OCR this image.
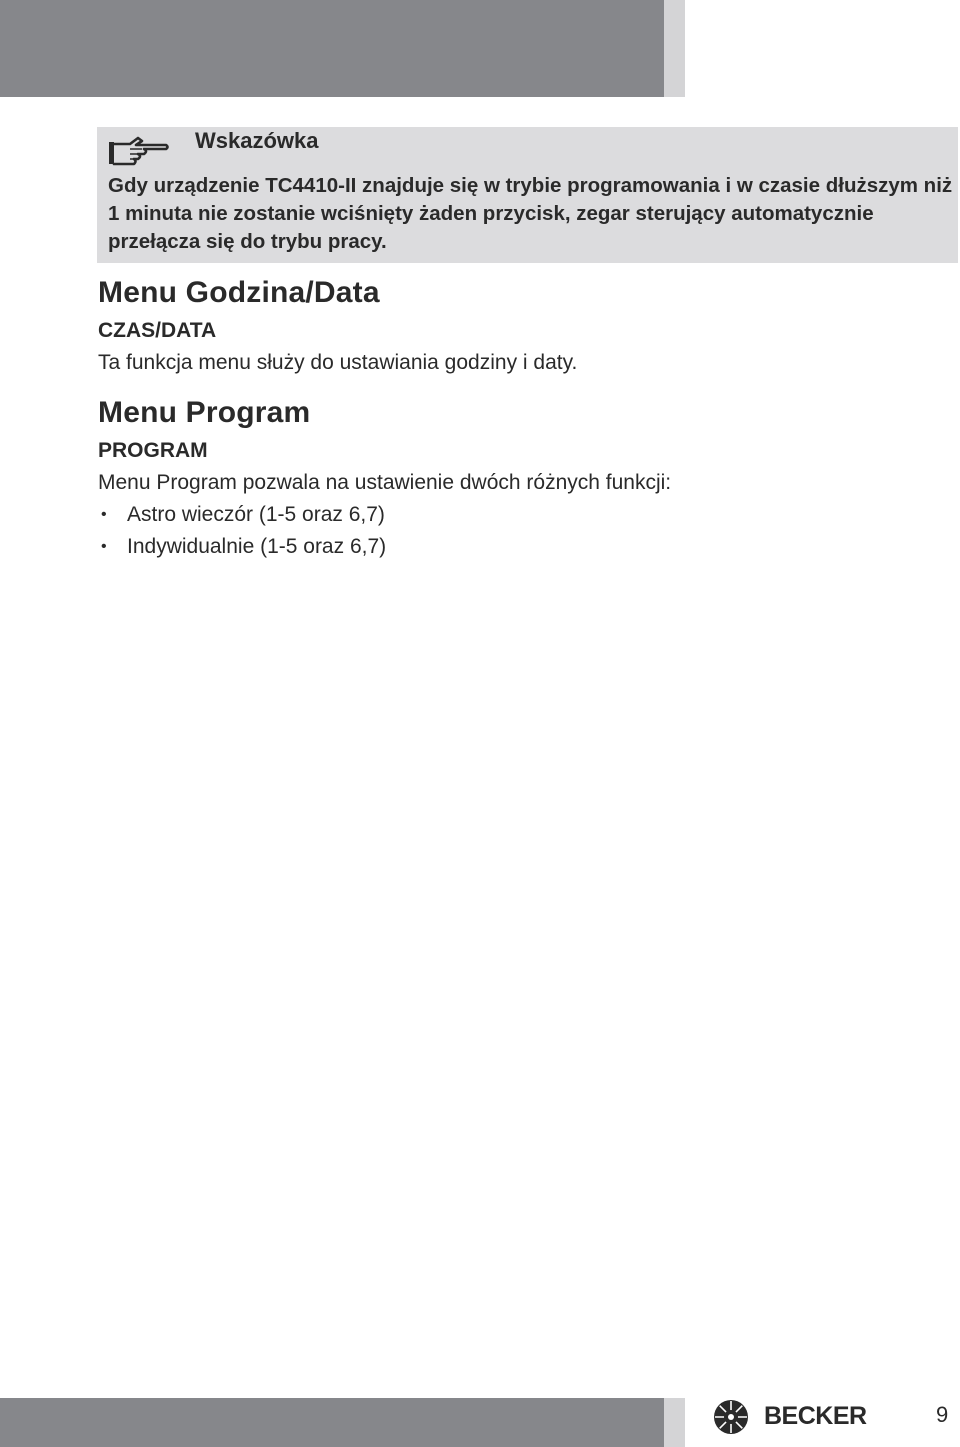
Wskazówka

Gdy urządzenie TC4410-II znajduje się w trybie programowania i w czasie dłuższym niż 1 minuta nie zostanie wciśnięty żaden przycisk, zegar sterujący automatycznie przełącza się do trybu pracy.

Menu Godzina/Data
CZAS/DATA

Ta funkcja menu służy do ustawiania godziny i daty.

Menu Program
PROGRAM

Menu Program pozwala na ustawienie dwóch różnych funkcji:

• Astro wieczór (1-5 oraz 6,7)
• Indywidualnie (1-5 oraz 6,7)
BECKER	9
